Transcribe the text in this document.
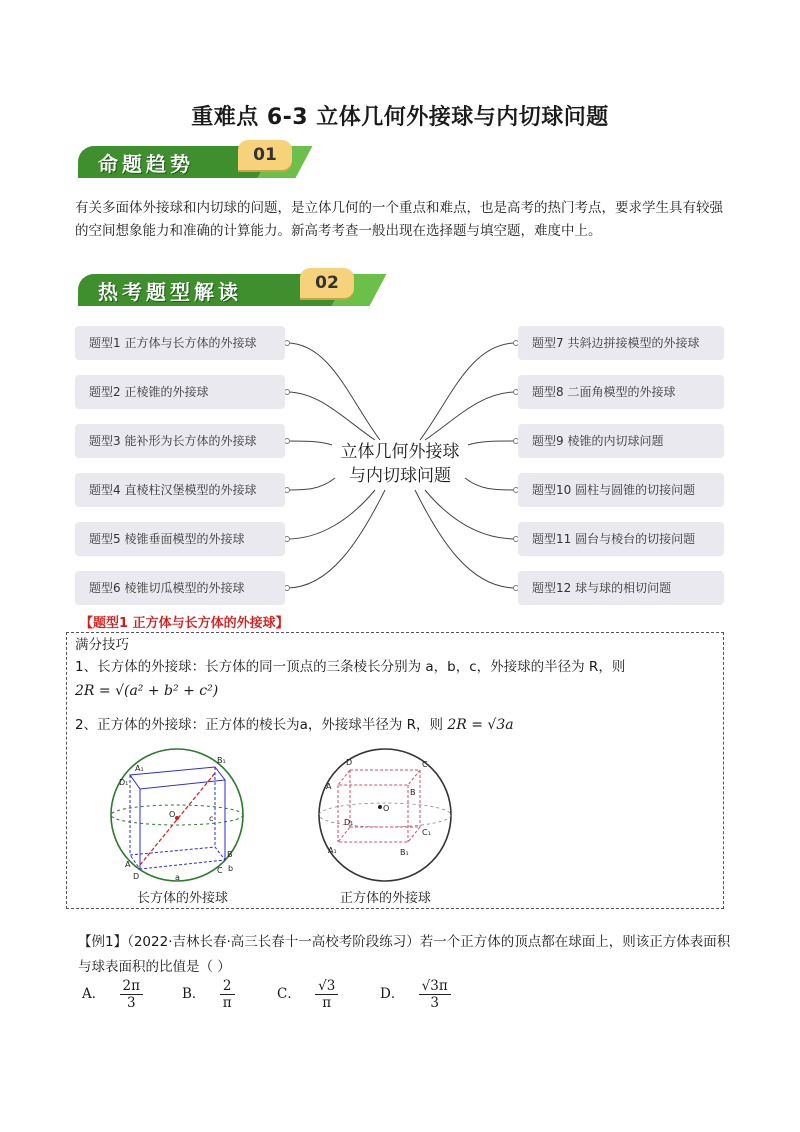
重难点 6-3 立体几何外接球与内切球问题
命题趋势	01
有关多面体外接球和内切球的问题，是立体几何的一个重点和难点，也是高考的热门考点，要求学生具有较强的空间想象能力和准确的计算能力。新高考考查一般出现在选择题与填空题，难度中上。
热考题型解读	02
题型1 正方体与长方体的外接球
题型2 正棱锥的外接球
题型3 能补形为长方体的外接球
题型4 直棱柱汉堡模型的外接球
题型5 棱锥垂面模型的外接球
题型6 棱锥切瓜模型的外接球
题型7 共斜边拼接模型的外接球
题型8 二面角模型的外接球
题型9 棱锥的内切球问题
题型10 圆柱与圆锥的切接问题
题型11 圆台与棱台的切接问题
题型12 球与球的相切问题
立体几何外接球
与内切球问题
【题型1 正方体与长方体的外接球】
满分技巧
1、长方体的外接球：长方体的同一顶点的三条棱长分别为 a，b，c，外接球的半径为 R，则
2R = √(a² + b² + c²)
2、正方体的外接球：正方体的棱长为a，外接球半径为 R，则 2R = √3a
A₁
B₁
D₁
O
A
D
B
C
c
b
a
长方体的外接球
D	C
A
B
O
D₁
C₁
A₁	B₁
正方体的外接球
【例1】（2022·吉林长春·高三长春十一高校考阶段练习）若一个正方体的顶点都在球面上，则该正方体表面积与球表面积的比值是（ ）
A． $\frac{2\pi}{3}$	B． $\frac{2}{\pi}$	C． $\frac{√3}{\pi}$	D． $\frac{√3\pi}{3}$
